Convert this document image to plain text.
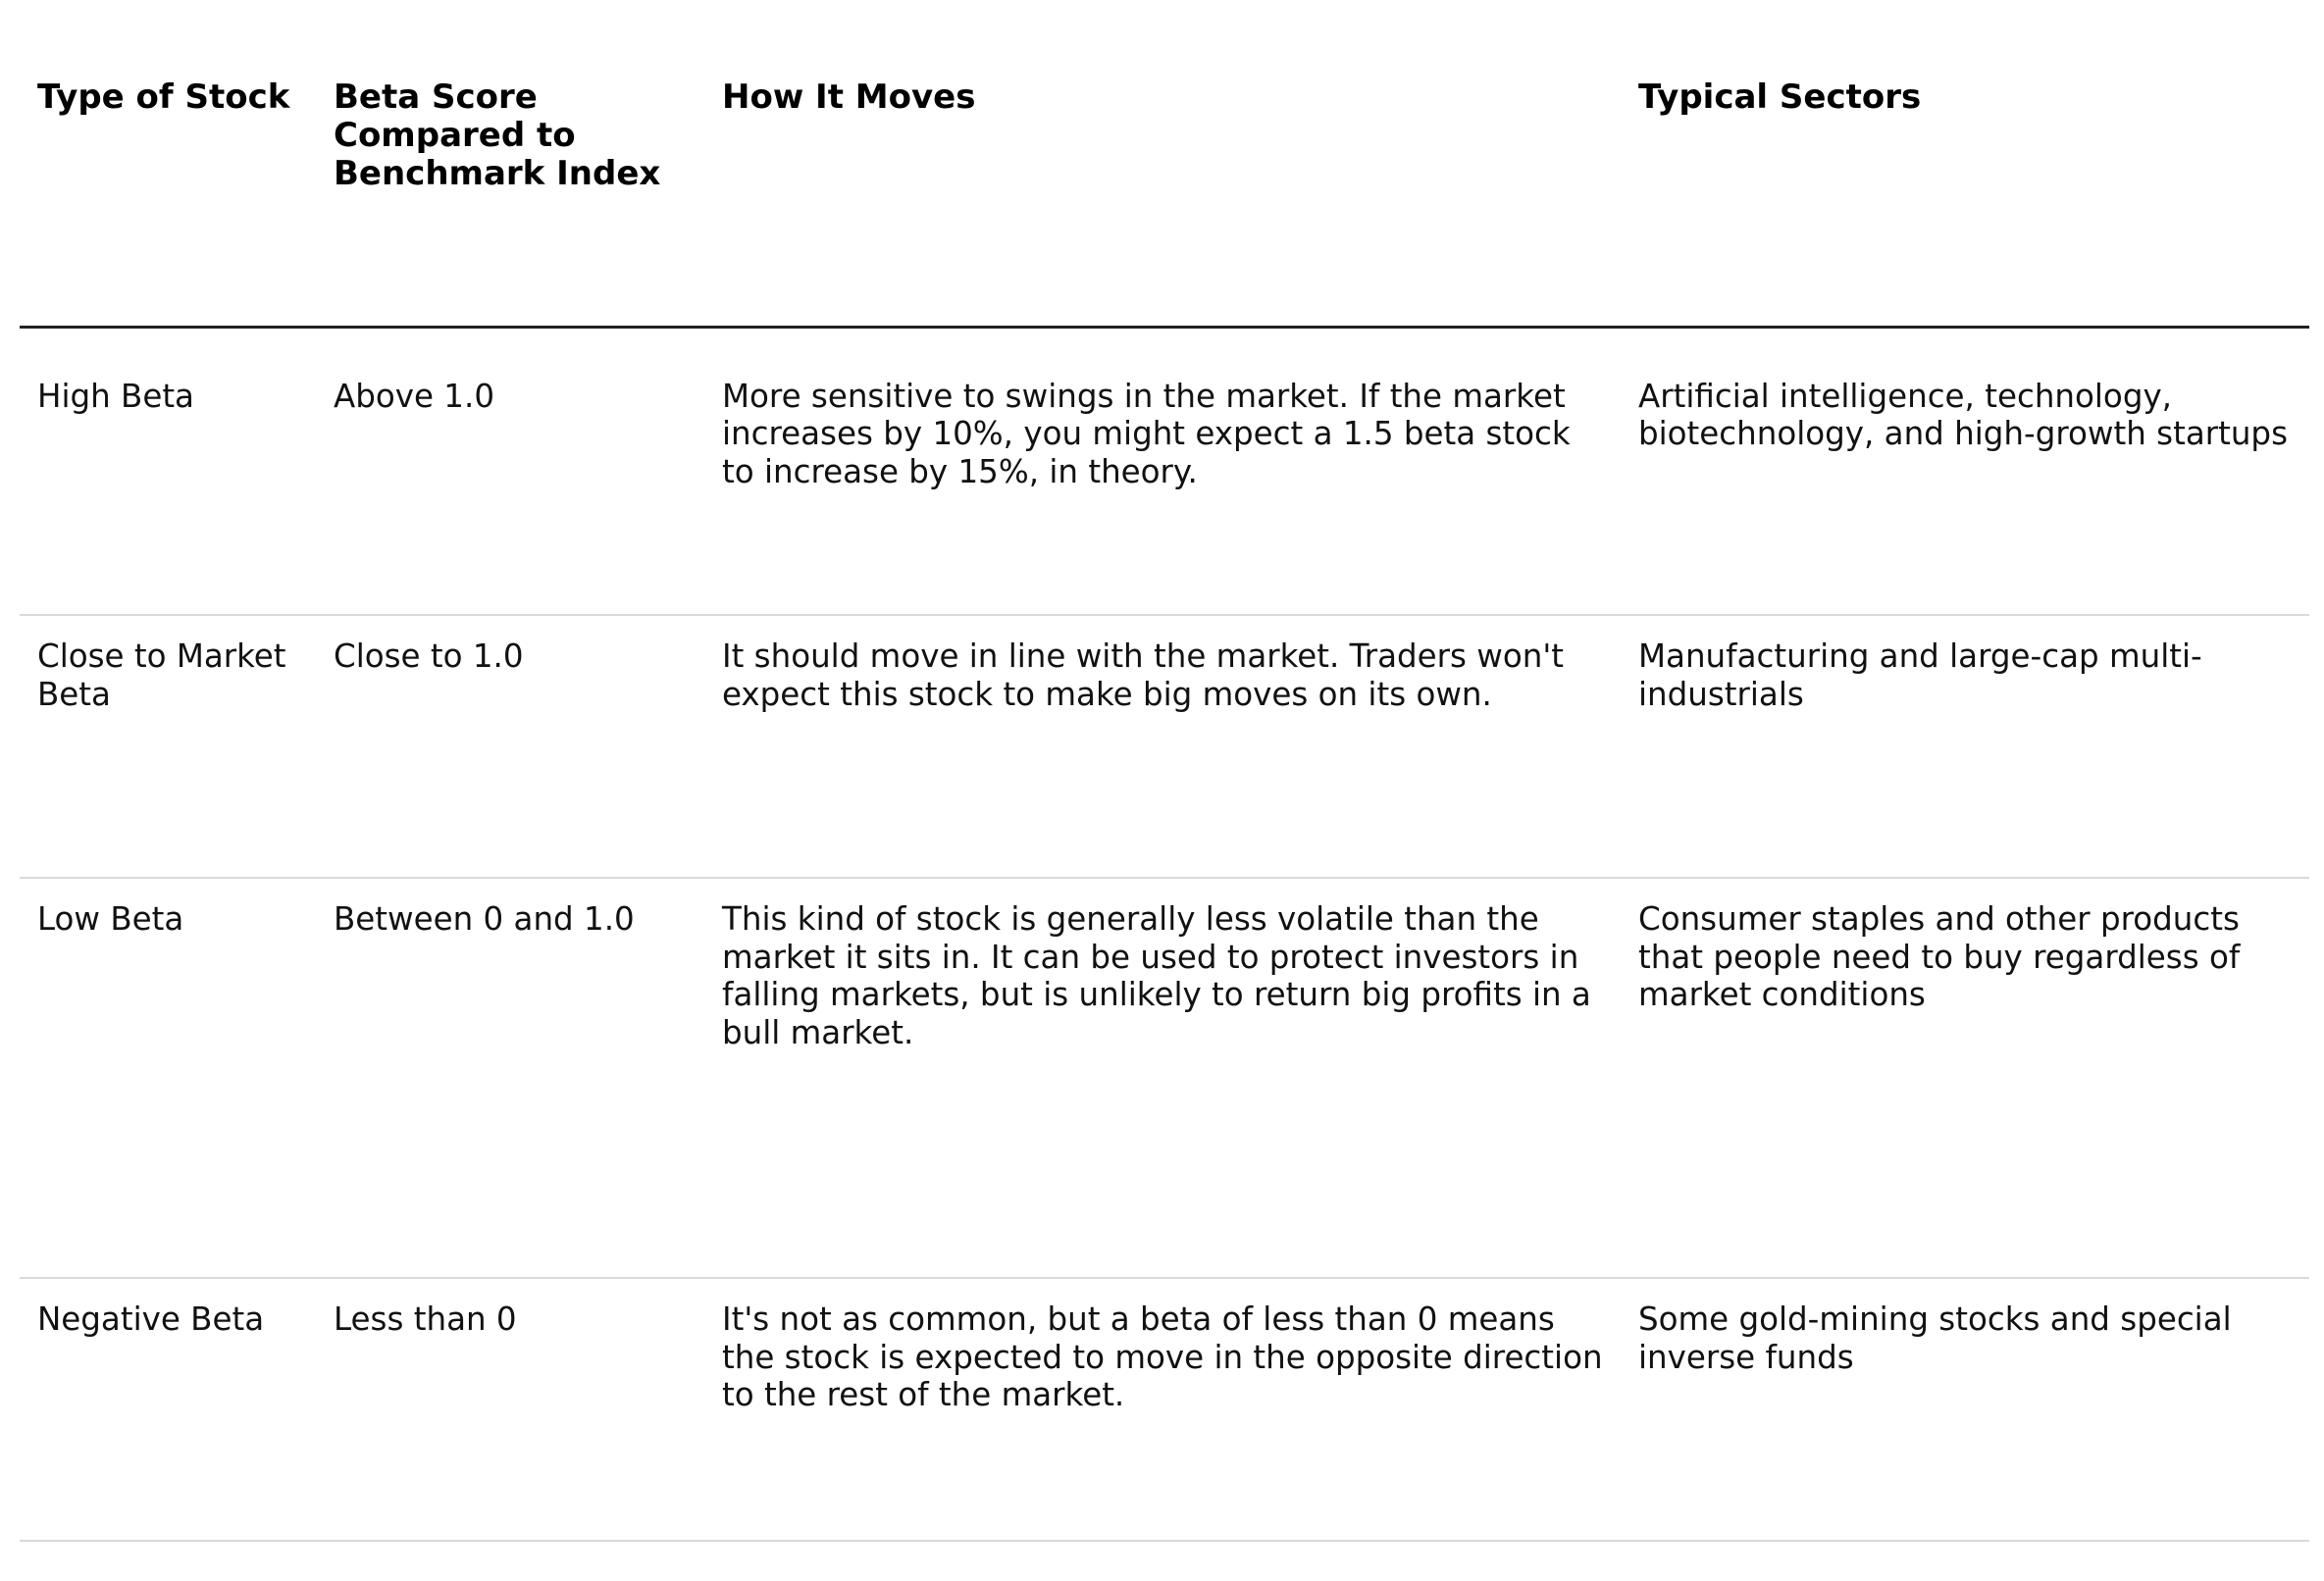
Type of Stock	Beta Score Compared to Benchmark Index	How It Moves	Typical Sectors
High Beta	Above 1.0	More sensitive to swings in the market. If the market increases by 10%, you might expect a 1.5 beta stock to increase by 15%, in theory.	Artificial intelligence, technology, biotechnology, and high-growth startups
Close to Market Beta	Close to 1.0	It should move in line with the market. Traders won't expect this stock to make big moves on its own.	Manufacturing and large-cap multi-industrials
Low Beta	Between 0 and 1.0	This kind of stock is generally less volatile than the market it sits in. It can be used to protect investors in falling markets, but is unlikely to return big profits in a bull market.	Consumer staples and other products that people need to buy regardless of market conditions
Negative Beta	Less than 0	It's not as common, but a beta of less than 0 means the stock is expected to move in the opposite direction to the rest of the market.	Some gold-mining stocks and special inverse funds
